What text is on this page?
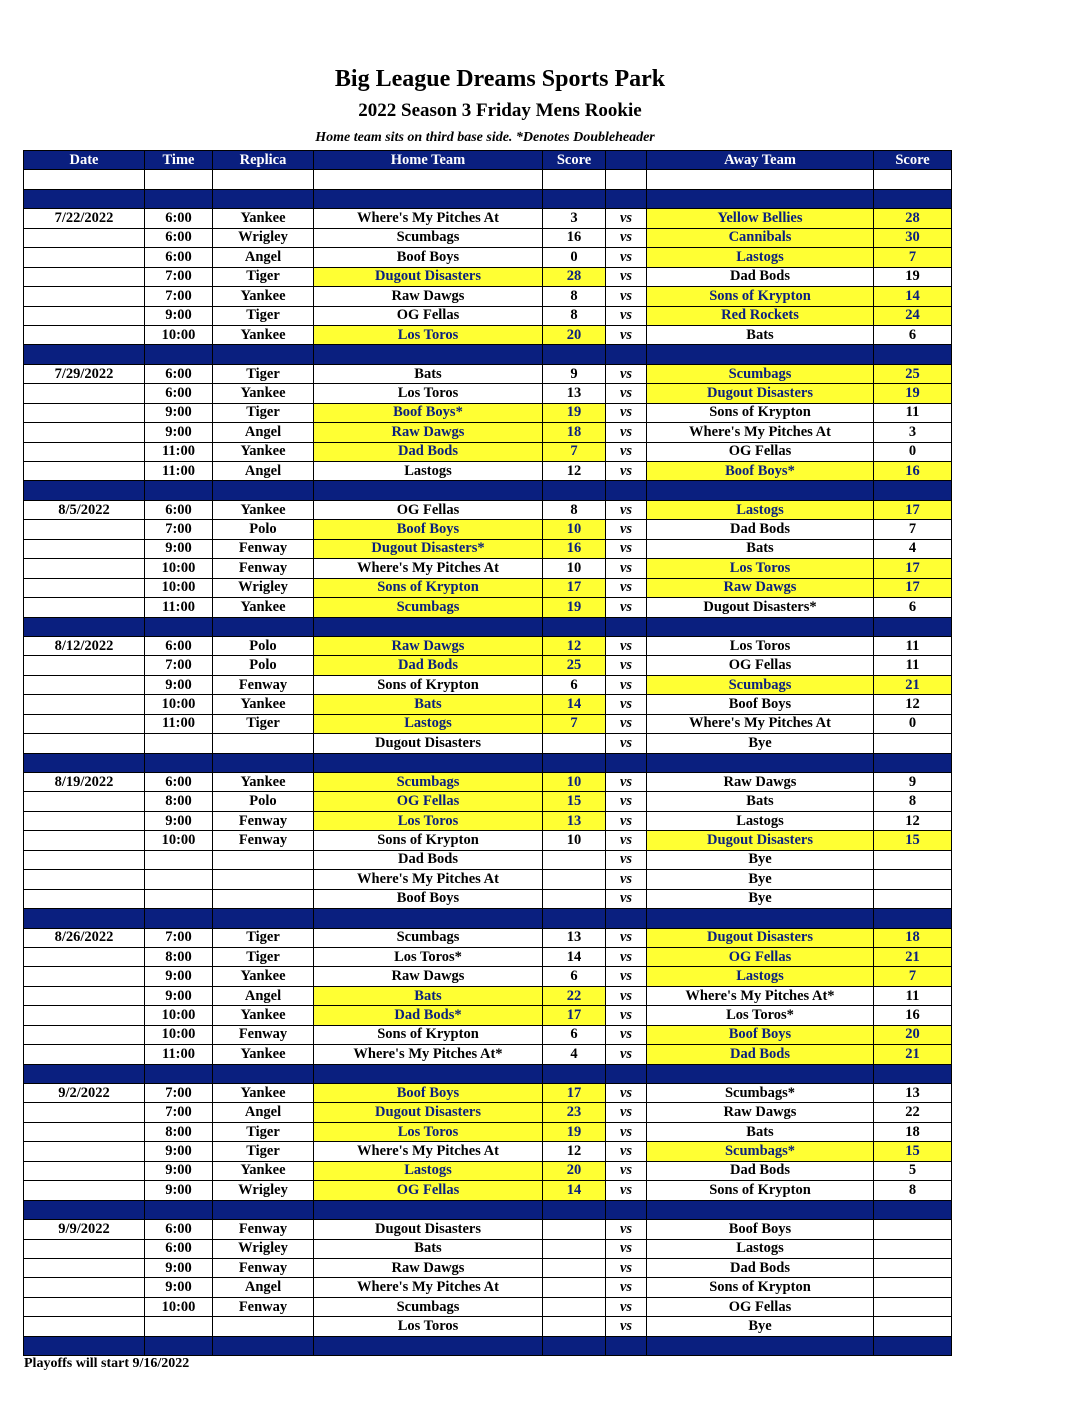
Big League Dreams Sports Park
2022 Season 3 Friday Mens Rookie
Home team sits on third base side. *Denotes Doubleheader
Date	Time	Replica	Home Team	Score		Away Team	Score

7/22/2022	6:00	Yankee	Where's My Pitches At	3	vs	Yellow Bellies	28
	6:00	Wrigley	Scumbags	16	vs	Cannibals	30
	6:00	Angel	Boof Boys	0	vs	Lastogs	7
	7:00	Tiger	Dugout Disasters	28	vs	Dad Bods	19
	7:00	Yankee	Raw Dawgs	8	vs	Sons of Krypton	14
	9:00	Tiger	OG Fellas	8	vs	Red Rockets	24
	10:00	Yankee	Los Toros	20	vs	Bats	6

7/29/2022	6:00	Tiger	Bats	9	vs	Scumbags	25
	6:00	Yankee	Los Toros	13	vs	Dugout Disasters	19
	9:00	Tiger	Boof Boys*	19	vs	Sons of Krypton	11
	9:00	Angel	Raw Dawgs	18	vs	Where's My Pitches At	3
	11:00	Yankee	Dad Bods	7	vs	OG Fellas	0
	11:00	Angel	Lastogs	12	vs	Boof Boys*	16

8/5/2022	6:00	Yankee	OG Fellas	8	vs	Lastogs	17
	7:00	Polo	Boof Boys	10	vs	Dad Bods	7
	9:00	Fenway	Dugout Disasters*	16	vs	Bats	4
	10:00	Fenway	Where's My Pitches At	10	vs	Los Toros	17
	10:00	Wrigley	Sons of Krypton	17	vs	Raw Dawgs	17
	11:00	Yankee	Scumbags	19	vs	Dugout Disasters*	6

8/12/2022	6:00	Polo	Raw Dawgs	12	vs	Los Toros	11
	7:00	Polo	Dad Bods	25	vs	OG Fellas	11
	9:00	Fenway	Sons of Krypton	6	vs	Scumbags	21
	10:00	Yankee	Bats	14	vs	Boof Boys	12
	11:00	Tiger	Lastogs	7	vs	Where's My Pitches At	0
			Dugout Disasters		vs	Bye	

8/19/2022	6:00	Yankee	Scumbags	10	vs	Raw Dawgs	9
	8:00	Polo	OG Fellas	15	vs	Bats	8
	9:00	Fenway	Los Toros	13	vs	Lastogs	12
	10:00	Fenway	Sons of Krypton	10	vs	Dugout Disasters	15
			Dad Bods		vs	Bye	
			Where's My Pitches At		vs	Bye	
			Boof Boys		vs	Bye	

8/26/2022	7:00	Tiger	Scumbags	13	vs	Dugout Disasters	18
	8:00	Tiger	Los Toros*	14	vs	OG Fellas	21
	9:00	Yankee	Raw Dawgs	6	vs	Lastogs	7
	9:00	Angel	Bats	22	vs	Where's My Pitches At*	11
	10:00	Yankee	Dad Bods*	17	vs	Los Toros*	16
	10:00	Fenway	Sons of Krypton	6	vs	Boof Boys	20
	11:00	Yankee	Where's My Pitches At*	4	vs	Dad Bods	21

9/2/2022	7:00	Yankee	Boof Boys	17	vs	Scumbags*	13
	7:00	Angel	Dugout Disasters	23	vs	Raw Dawgs	22
	8:00	Tiger	Los Toros	19	vs	Bats	18
	9:00	Tiger	Where's My Pitches At	12	vs	Scumbags*	15
	9:00	Yankee	Lastogs	20	vs	Dad Bods	5
	9:00	Wrigley	OG Fellas	14	vs	Sons of Krypton	8

9/9/2022	6:00	Fenway	Dugout Disasters		vs	Boof Boys	
	6:00	Wrigley	Bats		vs	Lastogs	
	9:00	Fenway	Raw Dawgs		vs	Dad Bods	
	9:00	Angel	Where's My Pitches At		vs	Sons of Krypton	
	10:00	Fenway	Scumbags		vs	OG Fellas	
			Los Toros		vs	Bye	

Playoffs will start 9/16/2022
